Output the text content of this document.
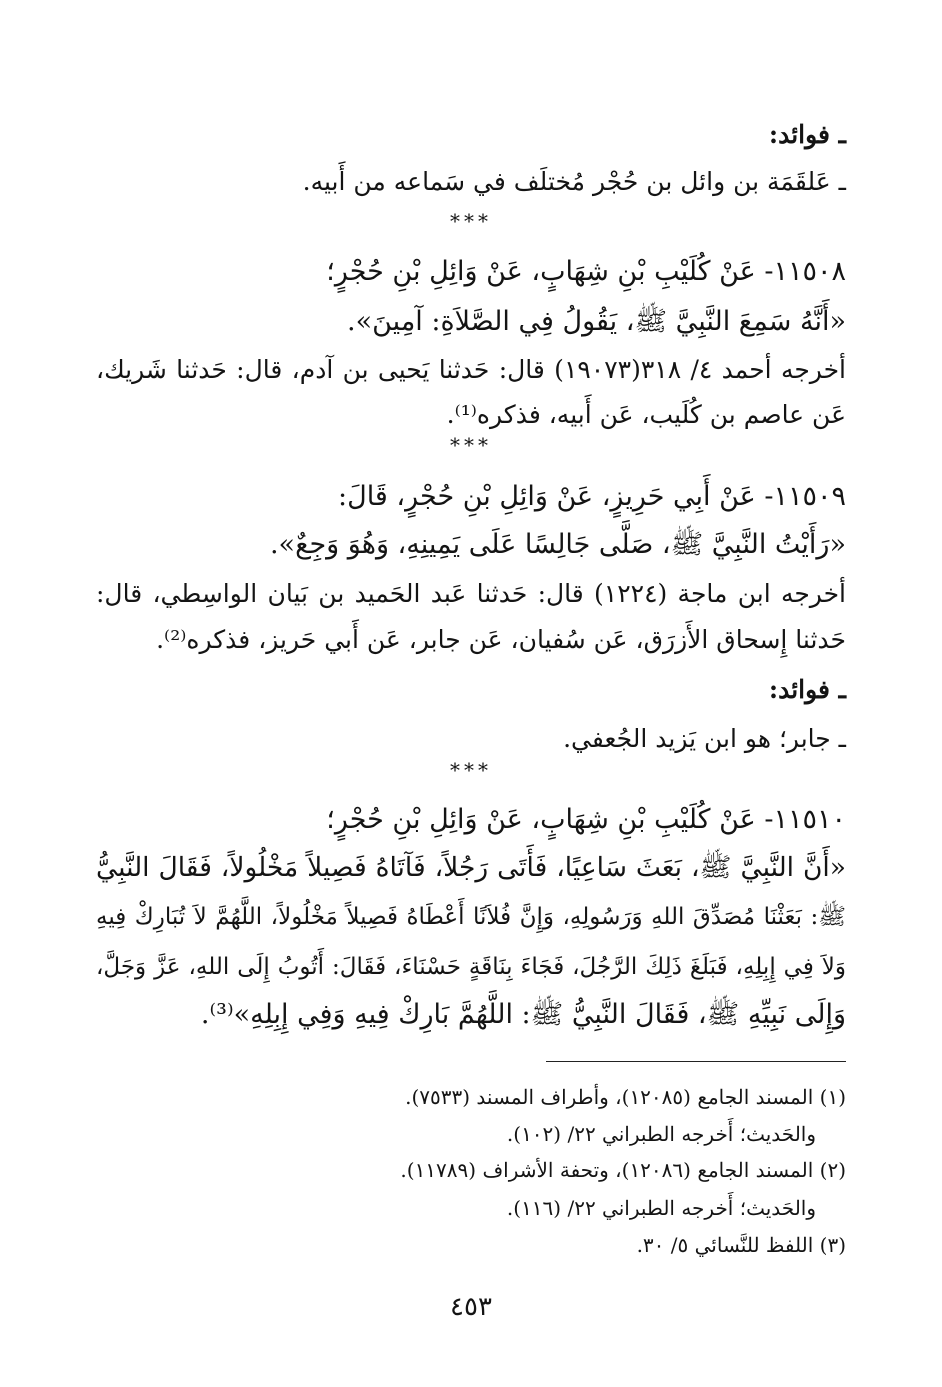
ـ فوائد:

ـ عَلقَمَة بن وائل بن حُجْر مُختلَف في سَماعه من أَبيه.

***

١١٥٠٨- عَنْ كُلَيْبِ بْنِ شِهَابٍ، عَنْ وَائِلِ بْنِ حُجْرٍ؛

«أَنَّهُ سَمِعَ النَّبِيَّ ﷺ، يَقُولُ فِي الصَّلاَةِ: آمِينَ».

أخرجه أحمد ٤/ ٣١٨(١٩٠٧٣) قال: حَدثنا يَحيى بن آدم، قال: حَدثنا شَريك،

عَن عاصم بن كُلَيب، عَن أَبيه، فذكره⁽¹⁾.

***

١١٥٠٩- عَنْ أَبِي حَرِيزٍ، عَنْ وَائِلِ بْنِ حُجْرٍ، قَالَ:

«رَأَيْتُ النَّبِيَّ ﷺ، صَلَّى جَالِسًا عَلَى يَمِينِهِ، وَهُوَ وَجِعٌ».

أخرجه ابن ماجة (١٢٢٤) قال: حَدثنا عَبد الحَميد بن بَيان الواسِطي، قال:

حَدثنا إِسحاق الأَزرَق، عَن سُفيان، عَن جابر، عَن أَبي حَريز، فذكره⁽²⁾.

ـ فوائد:

ـ جابر؛ هو ابن يَزيد الجُعفي.

***

١١٥١٠- عَنْ كُلَيْبِ بْنِ شِهَابٍ، عَنْ وَائِلِ بْنِ حُجْرٍ؛

«أَنَّ النَّبِيَّ ﷺ، بَعَثَ سَاعِيًا، فَأَتَى رَجُلاً، فَآتَاهُ فَصِيلاً مَخْلُولاً، فَقَالَ النَّبِيُّ

ﷺ: بَعَثْنَا مُصَدِّقَ اللهِ وَرَسُولِهِ، وَإِنَّ فُلاَنًا أَعْطَاهُ فَصِيلاً مَخْلُولاً، اللَّهُمَّ لاَ تُبَارِكْ فِيهِ

وَلاَ فِي إِبِلِهِ، فَبَلَغَ ذَلِكَ الرَّجُلَ، فَجَاءَ بِنَاقَةٍ حَسْنَاءَ، فَقَالَ: أَتُوبُ إِلَى اللهِ، عَزَّ وَجَلَّ،

وَإِلَى نَبِيِّهِ ﷺ، فَقَالَ النَّبِيُّ ﷺ: اللَّهُمَّ بَارِكْ فِيهِ وَفِي إِبِلِهِ»⁽³⁾.

(١) المسند الجامع (١٢٠٨٥)، وأطراف المسند (٧٥٣٣).

والحَديث؛ أَخرجه الطبراني ٢٢/ (١٠٢).

(٢) المسند الجامع (١٢٠٨٦)، وتحفة الأشراف (١١٧٨٩).

والحَديث؛ أَخرجه الطبراني ٢٢/ (١١٦).

(٣) اللفظ للنَّسائي ٥/ ٣٠.

٤٥٣
